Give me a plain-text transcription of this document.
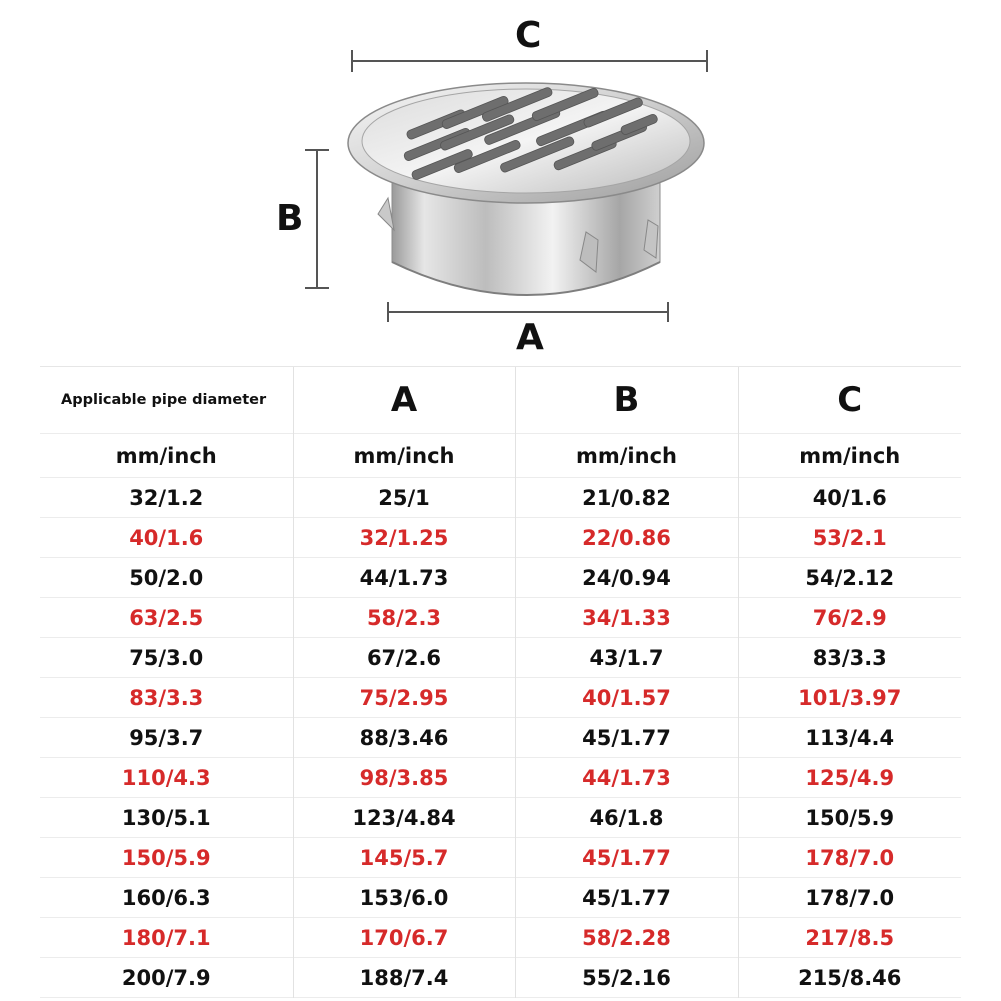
C
B
A
Applicable pipe diameter	A	B	C
mm/inch	mm/inch	mm/inch	mm/inch
32/1.2	25/1	21/0.82	40/1.6
40/1.6	32/1.25	22/0.86	53/2.1
50/2.0	44/1.73	24/0.94	54/2.12
63/2.5	58/2.3	34/1.33	76/2.9
75/3.0	67/2.6	43/1.7	83/3.3
83/3.3	75/2.95	40/1.57	101/3.97
95/3.7	88/3.46	45/1.77	113/4.4
110/4.3	98/3.85	44/1.73	125/4.9
130/5.1	123/4.84	46/1.8	150/5.9
150/5.9	145/5.7	45/1.77	178/7.0
160/6.3	153/6.0	45/1.77	178/7.0
180/7.1	170/6.7	58/2.28	217/8.5
200/7.9	188/7.4	55/2.16	215/8.46
